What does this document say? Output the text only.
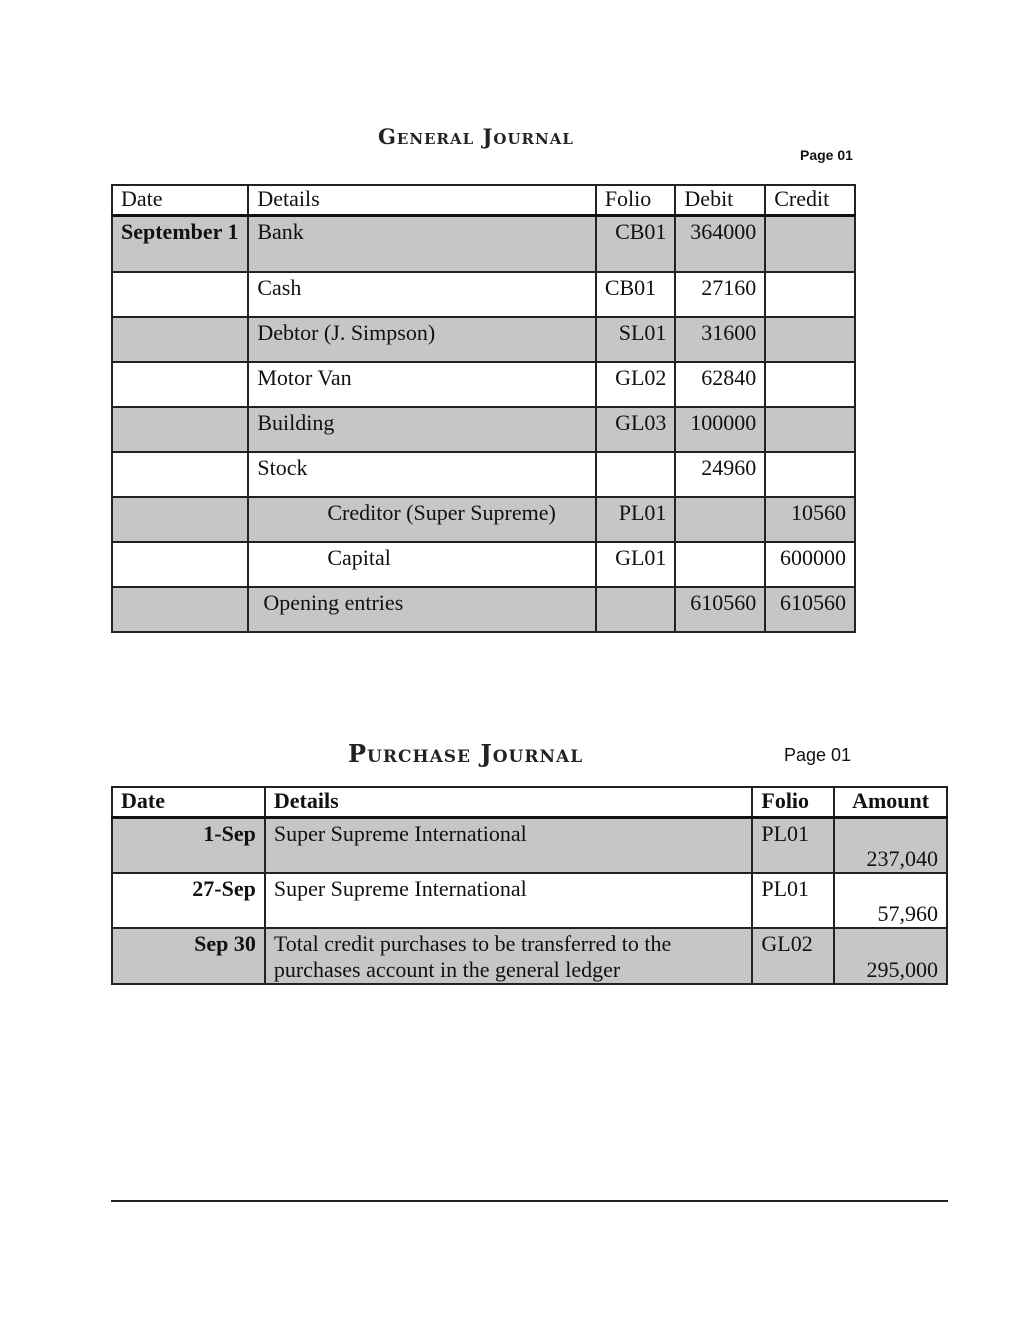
General Journal
Page 01
Date	Details	Folio	Debit	Credit
September 1	Bank	CB01	364000	
	Cash	CB01	27160	
	Debtor (J. Simpson)	SL01	31600	
	Motor Van	GL02	62840	
	Building	GL03	100000	
	Stock		24960	
	Creditor (Super Supreme)	PL01		10560
	Capital	GL01		600000
	Opening entries		610560	610560
Purchase Journal	Page 01
Date	Details	Folio	Amount
1-Sep	Super Supreme International	PL01	237,040
27-Sep	Super Supreme International	PL01	57,960
Sep 30	Total credit purchases to be transferred to the purchases account in the general ledger	GL02	295,000
